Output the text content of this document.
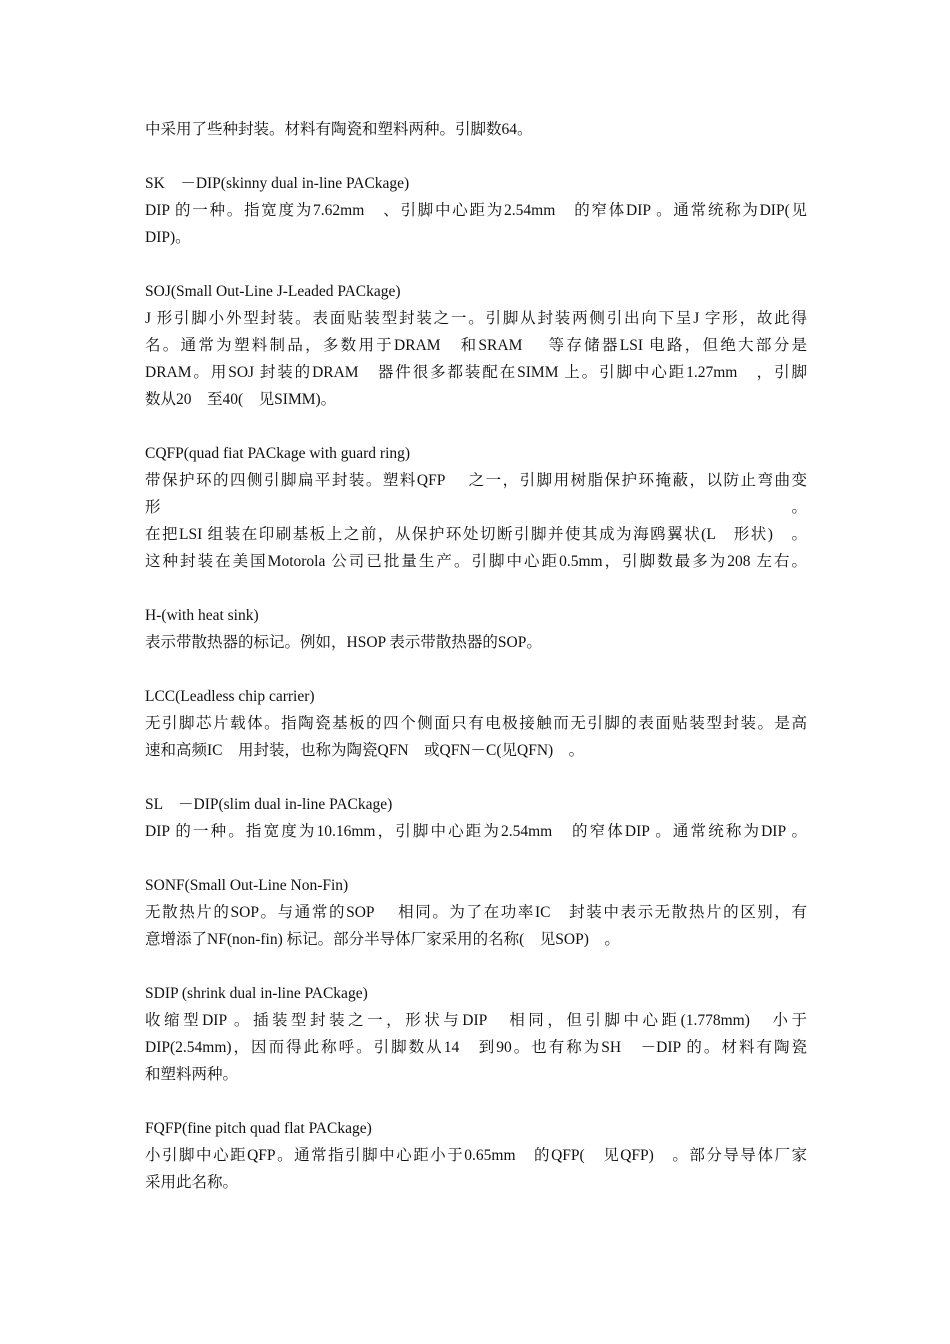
中采用了些种封装。材料有陶瓷和塑料两种。引脚数64。
SK　－DIP(skinny dual in-line PACkage)
DIP 的一种。指宽度为7.62mm　、引脚中心距为2.54mm　的窄体DIP 。通常统称为DIP(见
DIP)。
SOJ(Small Out-Line J-Leaded PACkage)
J 形引脚小外型封装。表面贴装型封装之一。引脚从封装两侧引出向下呈J 字形，故此得
名。通常为塑料制品，多数用于DRAM　和SRAM　 等存储器LSI 电路，但绝大部分是
DRAM。用SOJ 封装的DRAM　器件很多都装配在SIMM 上。引脚中心距1.27mm　，引脚
数从20　至40(　见SIMM)。
CQFP(quad fiat PACkage with guard ring)
带保护环的四侧引脚扁平封装。塑料QFP　 之一，引脚用树脂保护环掩蔽，以防止弯曲变
形。
在把LSI 组装在印刷基板上之前，从保护环处切断引脚并使其成为海鸥翼状(L　形状)　。
这种封装在美国Motorola 公司已批量生产。引脚中心距0.5mm，引脚数最多为208 左右。
H-(with heat sink)
表示带散热器的标记。例如，HSOP 表示带散热器的SOP。
LCC(Leadless chip carrier)
无引脚芯片载体。指陶瓷基板的四个侧面只有电极接触而无引脚的表面贴装型封装。是高
速和高频IC　用封装，也称为陶瓷QFN　或QFN－C(见QFN)　。
SL　－DIP(slim dual in-line PACkage)
DIP 的一种。指宽度为10.16mm，引脚中心距为2.54mm　的窄体DIP 。通常统称为DIP 。
SONF(Small Out-Line Non-Fin)
无散热片的SOP。与通常的SOP　 相同。为了在功率IC　封装中表示无散热片的区别，有
意增添了NF(non-fin) 标记。部分半导体厂家采用的名称(　见SOP)　。
SDIP (shrink dual in-line PACkage)
收缩型DIP 。插装型封装之一，形状与DIP　相同，但引脚中心距(1.778mm)　小于
DIP(2.54mm)，因而得此称呼。引脚数从14　到90。也有称为SH　－DIP 的。材料有陶瓷
和塑料两种。
FQFP(fine pitch quad flat PACkage)
小引脚中心距QFP。通常指引脚中心距小于0.65mm　的QFP(　见QFP)　。部分导导体厂家
采用此名称。
